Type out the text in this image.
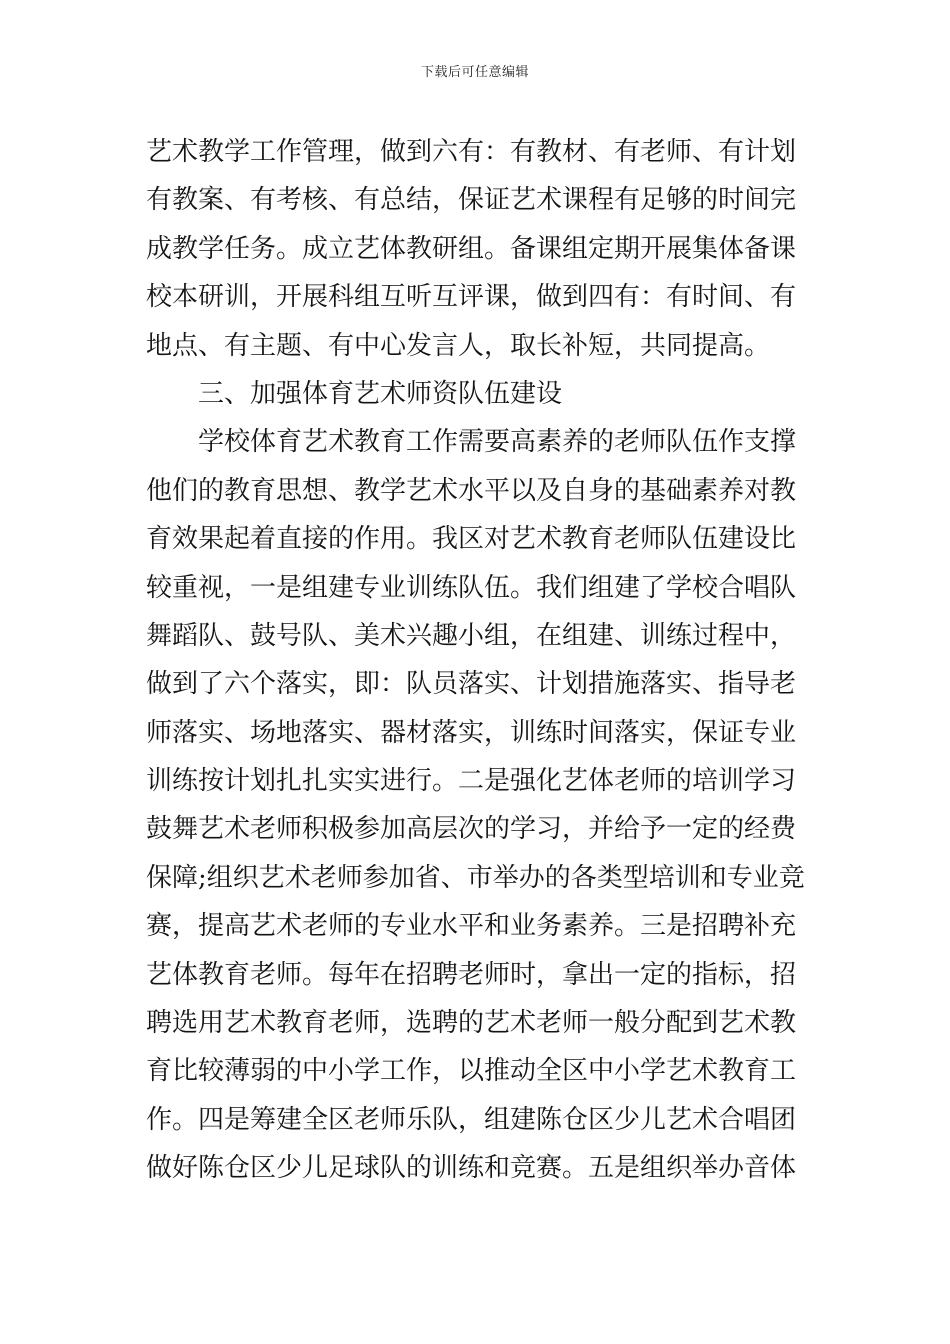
下载后可任意编辑
艺术教学工作管理，做到六有：有教材、有老师、有计划
有教案、有考核、有总结，保证艺术课程有足够的时间完
成教学任务。成立艺体教研组。备课组定期开展集体备课
校本研训，开展科组互听互评课，做到四有：有时间、有
地点、有主题、有中心发言人，取长补短，共同提高。
三、加强体育艺术师资队伍建设
学校体育艺术教育工作需要高素养的老师队伍作支撑
他们的教育思想、教学艺术水平以及自身的基础素养对教
育效果起着直接的作用。我区对艺术教育老师队伍建设比
较重视，一是组建专业训练队伍。我们组建了学校合唱队
舞蹈队、鼓号队、美术兴趣小组，在组建、训练过程中，
做到了六个落实，即：队员落实、计划措施落实、指导老
师落实、场地落实、器材落实，训练时间落实，保证专业
训练按计划扎扎实实进行。二是强化艺体老师的培训学习
鼓舞艺术老师积极参加高层次的学习，并给予一定的经费
保障;组织艺术老师参加省、市举办的各类型培训和专业竞
赛，提高艺术老师的专业水平和业务素养。三是招聘补充
艺体教育老师。每年在招聘老师时，拿出一定的指标，招
聘选用艺术教育老师，选聘的艺术老师一般分配到艺术教
育比较薄弱的中小学工作，以推动全区中小学艺术教育工
作。四是筹建全区老师乐队，组建陈仓区少儿艺术合唱团
做好陈仓区少儿足球队的训练和竞赛。五是组织举办音体
